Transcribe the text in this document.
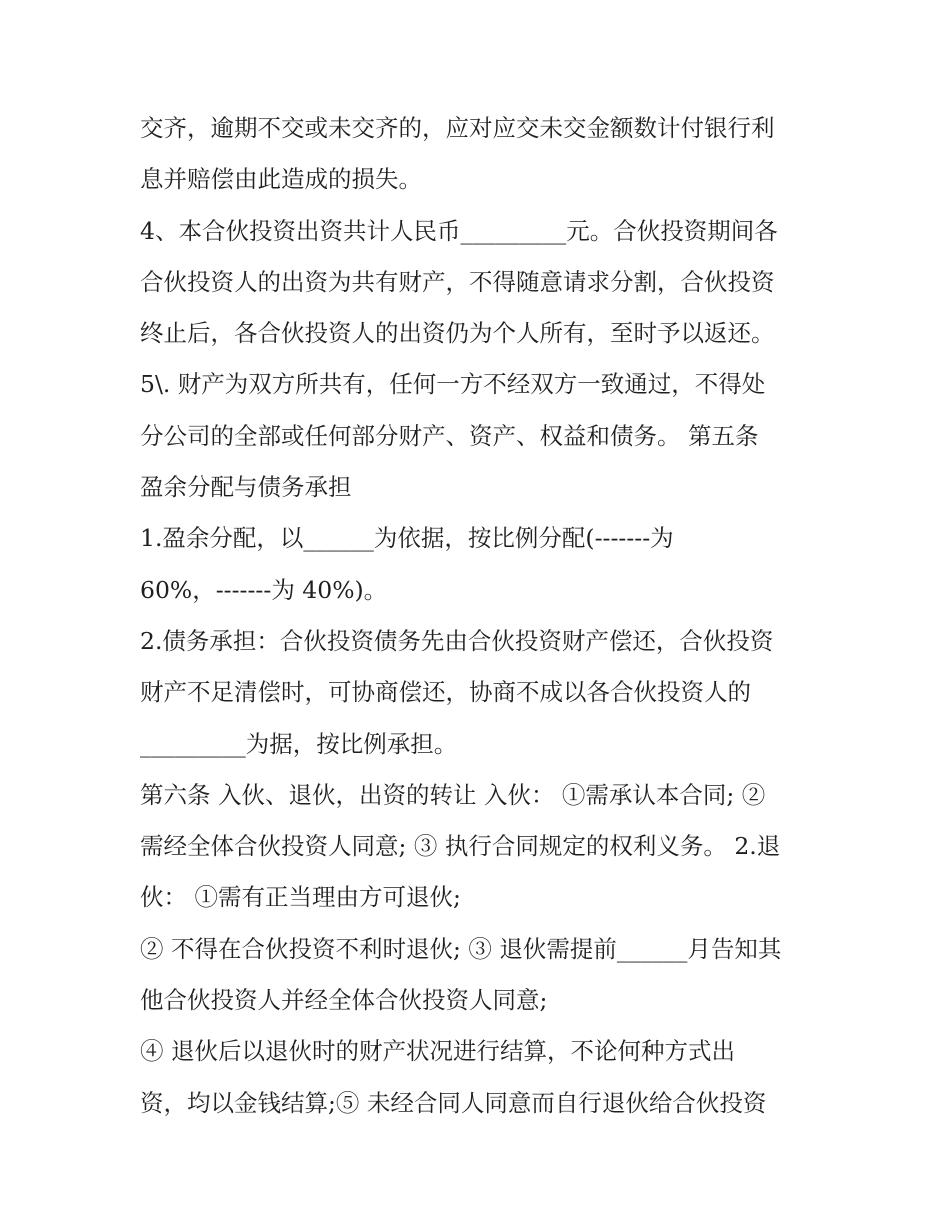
交齐，逾期不交或未交齐的，应对应交未交金额数计付银行利
息并赔偿由此造成的损失。
4、本合伙投资出资共计人民币_________元。合伙投资期间各
合伙投资人的出资为共有财产，不得随意请求分割，合伙投资
终止后，各合伙投资人的出资仍为个人所有，至时予以返还。
5\. 财产为双方所共有，任何一方不经双方一致通过，不得处
分公司的全部或任何部分财产、资产、权益和债务。 第五条
盈余分配与债务承担
1.盈余分配，以______为依据，按比例分配(-------为
60%，-------为 40%)。
2.债务承担：合伙投资债务先由合伙投资财产偿还，合伙投资
财产不足清偿时，可协商偿还，协商不成以各合伙投资人的
_________为据，按比例承担。
第六条 入伙、退伙，出资的转让 入伙： ①需承认本合同; ②
需经全体合伙投资人同意; ③ 执行合同规定的权利义务。 2.退
伙： ①需有正当理由方可退伙;
② 不得在合伙投资不利时退伙; ③ 退伙需提前______月告知其
他合伙投资人并经全体合伙投资人同意;
④ 退伙后以退伙时的财产状况进行结算，不论何种方式出
资，均以金钱结算;⑤ 未经合同人同意而自行退伙给合伙投资
